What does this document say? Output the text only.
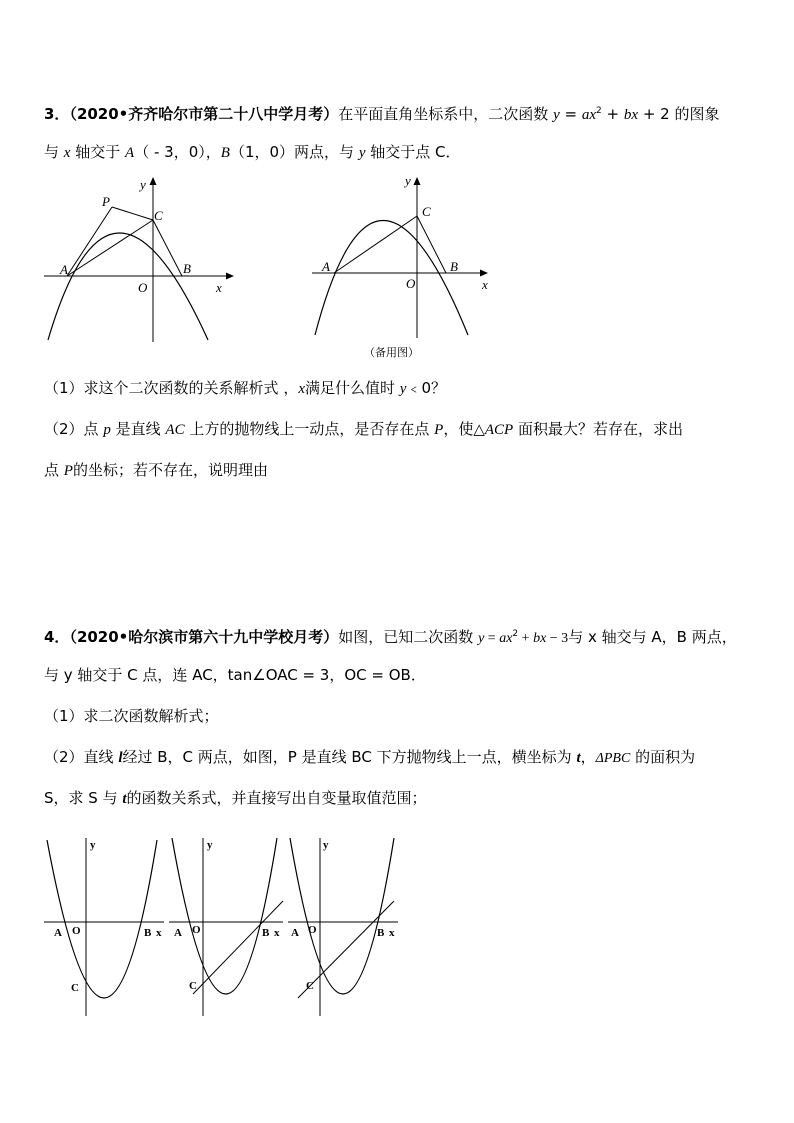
3．（2020•齐齐哈尔市第二十八中学月考）在平面直角坐标系中，二次函数 $y = ax^2$ + bx + 2 的图象
与 x 轴交于 A（ - 3，0），B（1，0）两点，与 y 轴交于点 C．
y
x
O
A	B
C
P
y
x
O
A	B
C
（备用图）
（1）求这个二次函数的关系解析式 ，x满足什么值时 y﹤0？
（2）点 p 是直线 AC 上方的抛物线上一动点，是否存在点 P，使△ACP 面积最大？若存在，求出
点 P的坐标；若不存在，说明理由
4．（2020•哈尔滨市第六十九中学校月考）如图，已知二次函数 $y = ax^2$ + bx − 3与 x 轴交与 A，B 两点，
与 y 轴交于 C 点，连 AC，tan∠OAC = 3，OC = OB．
（1）求二次函数解析式；
（2）直线 l经过 B，C 两点，如图，P 是直线 BC 下方抛物线上一点，横坐标为 t，ΔPBC 的面积为
S，求 S 与 t的函数关系式，并直接写出自变量取值范围；
y
O
A	B x
C
y
O
A	B x
C
y
O
A	B x
C
